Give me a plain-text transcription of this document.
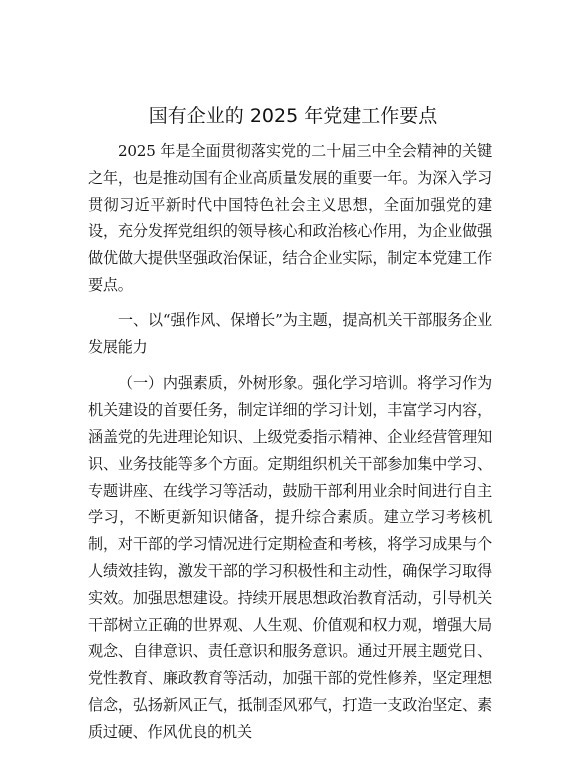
国有企业的 2025 年党建工作要点

2025 年是全面贯彻落实党的二十届三中全会精神的关键之年，也是推动国有企业高质量发展的重要一年。为深入学习贯彻习近平新时代中国特色社会主义思想，全面加强党的建设，充分发挥党组织的领导核心和政治核心作用，为企业做强做优做大提供坚强政治保证，结合企业实际，制定本党建工作要点。

一、以“强作风、保增长”为主题，提高机关干部服务企业发展能力

（一）内强素质，外树形象。强化学习培训。将学习作为机关建设的首要任务，制定详细的学习计划，丰富学习内容，涵盖党的先进理论知识、上级党委指示精神、企业经营管理知识、业务技能等多个方面。定期组织机关干部参加集中学习、专题讲座、在线学习等活动，鼓励干部利用业余时间进行自主学习，不断更新知识储备，提升综合素质。建立学习考核机制，对干部的学习情况进行定期检查和考核，将学习成果与个人绩效挂钩，激发干部的学习积极性和主动性，确保学习取得实效。加强思想建设。持续开展思想政治教育活动，引导机关干部树立正确的世界观、人生观、价值观和权力观，增强大局观念、自律意识、责任意识和服务意识。通过开展主题党日、党性教育、廉政教育等活动，加强干部的党性修养，坚定理想信念，弘扬新风正气，抵制歪风邪气，打造一支政治坚定、素质过硬、作风优良的机关
